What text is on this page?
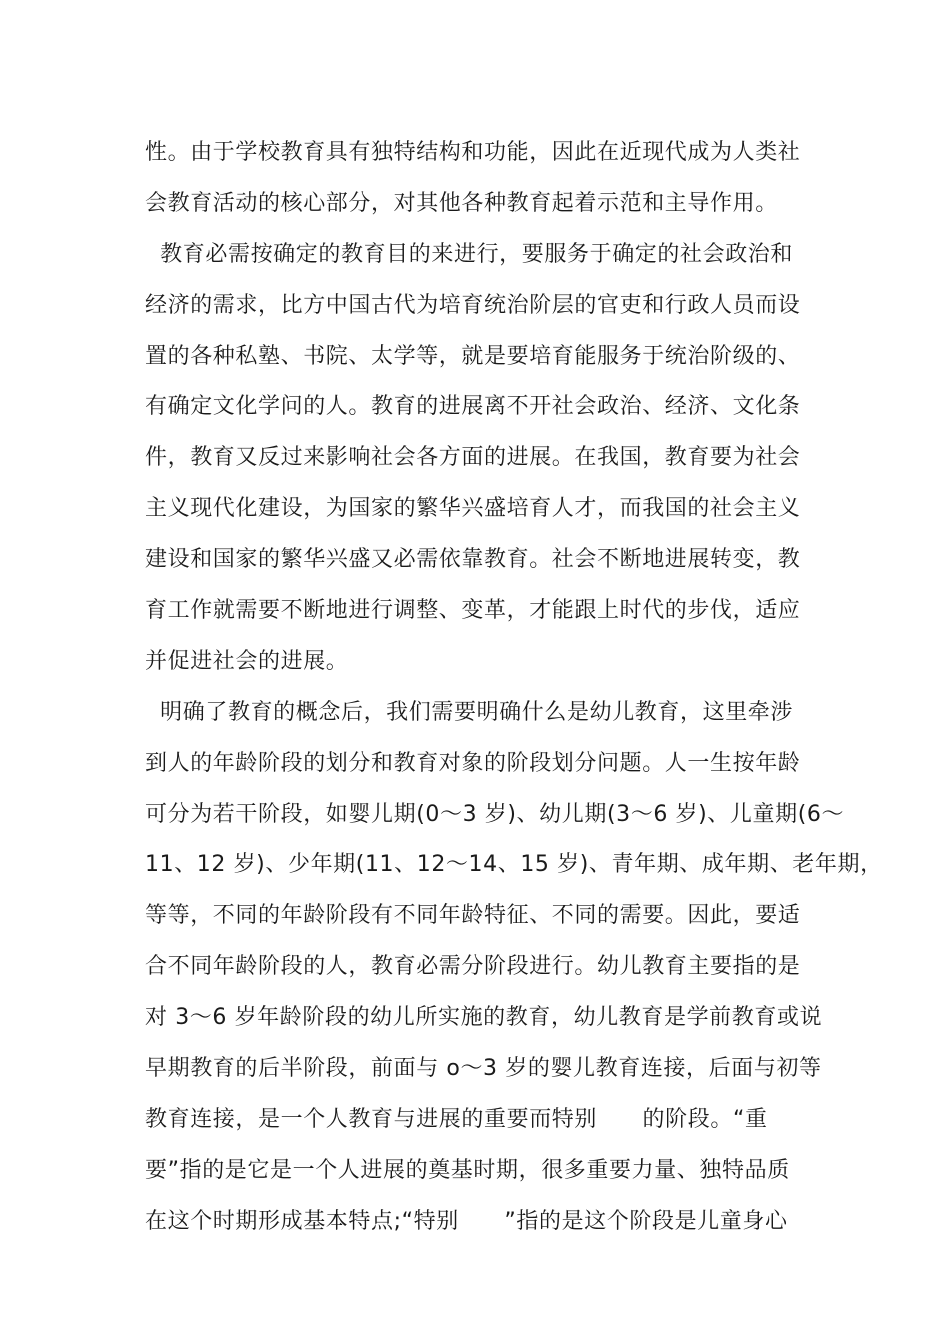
性。由于学校教育具有独特结构和功能，因此在近现代成为人类社
会教育活动的核心部分，对其他各种教育起着示范和主导作用。
教育必需按确定的教育目的来进行，要服务于确定的社会政治和
经济的需求，比方中国古代为培育统治阶层的官吏和行政人员而设
置的各种私塾、书院、太学等，就是要培育能服务于统治阶级的、
有确定文化学问的人。教育的进展离不开社会政治、经济、文化条
件，教育又反过来影响社会各方面的进展。在我国，教育要为社会
主义现代化建设，为国家的繁华兴盛培育人才，而我国的社会主义
建设和国家的繁华兴盛又必需依靠教育。社会不断地进展转变，教
育工作就需要不断地进行调整、变革，才能跟上时代的步伐，适应
并促进社会的进展。
明确了教育的概念后，我们需要明确什么是幼儿教育，这里牵涉
到人的年龄阶段的划分和教育对象的阶段划分问题。人一生按年龄
可分为若干阶段，如婴儿期(0～3 岁)、幼儿期(3～6 岁)、儿童期(6～
11、12 岁)、少年期(11、12～14、15 岁)、青年期、成年期、老年期，
等等，不同的年龄阶段有不同年龄特征、不同的需要。因此，要适
合不同年龄阶段的人，教育必需分阶段进行。幼儿教育主要指的是
对 3～6 岁年龄阶段的幼儿所实施的教育，幼儿教育是学前教育或说
早期教育的后半阶段，前面与 o～3 岁的婴儿教育连接，后面与初等
教育连接，是一个人教育与进展的重要而特别      的阶段。“重
要”指的是它是一个人进展的奠基时期，很多重要力量、独特品质
在这个时期形成基本特点;“特别      ”指的是这个阶段是儿童身心
